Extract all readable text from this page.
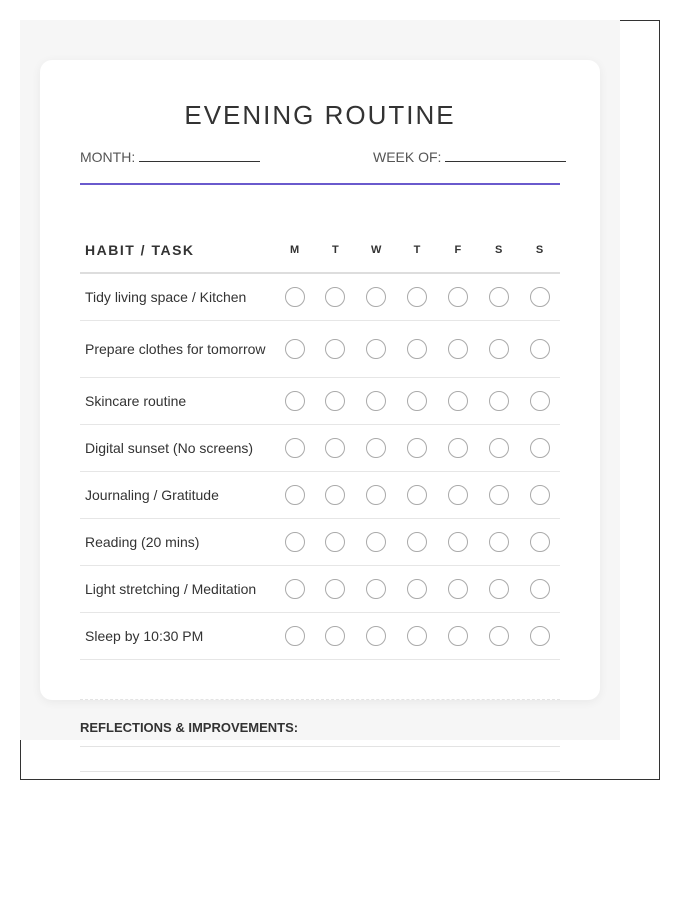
EVENING ROUTINE
MONTH:	WEEK OF:
HABIT / TASK	M	T	W	T	F	S	S
Tidy living space / Kitchen							
Prepare clothes for tomorrow							
Skincare routine							
Digital sunset (No screens)							
Journaling / Gratitude							
Reading (20 mins)							
Light stretching / Meditation							
Sleep by 10:30 PM							
REFLECTIONS & IMPROVEMENTS:
